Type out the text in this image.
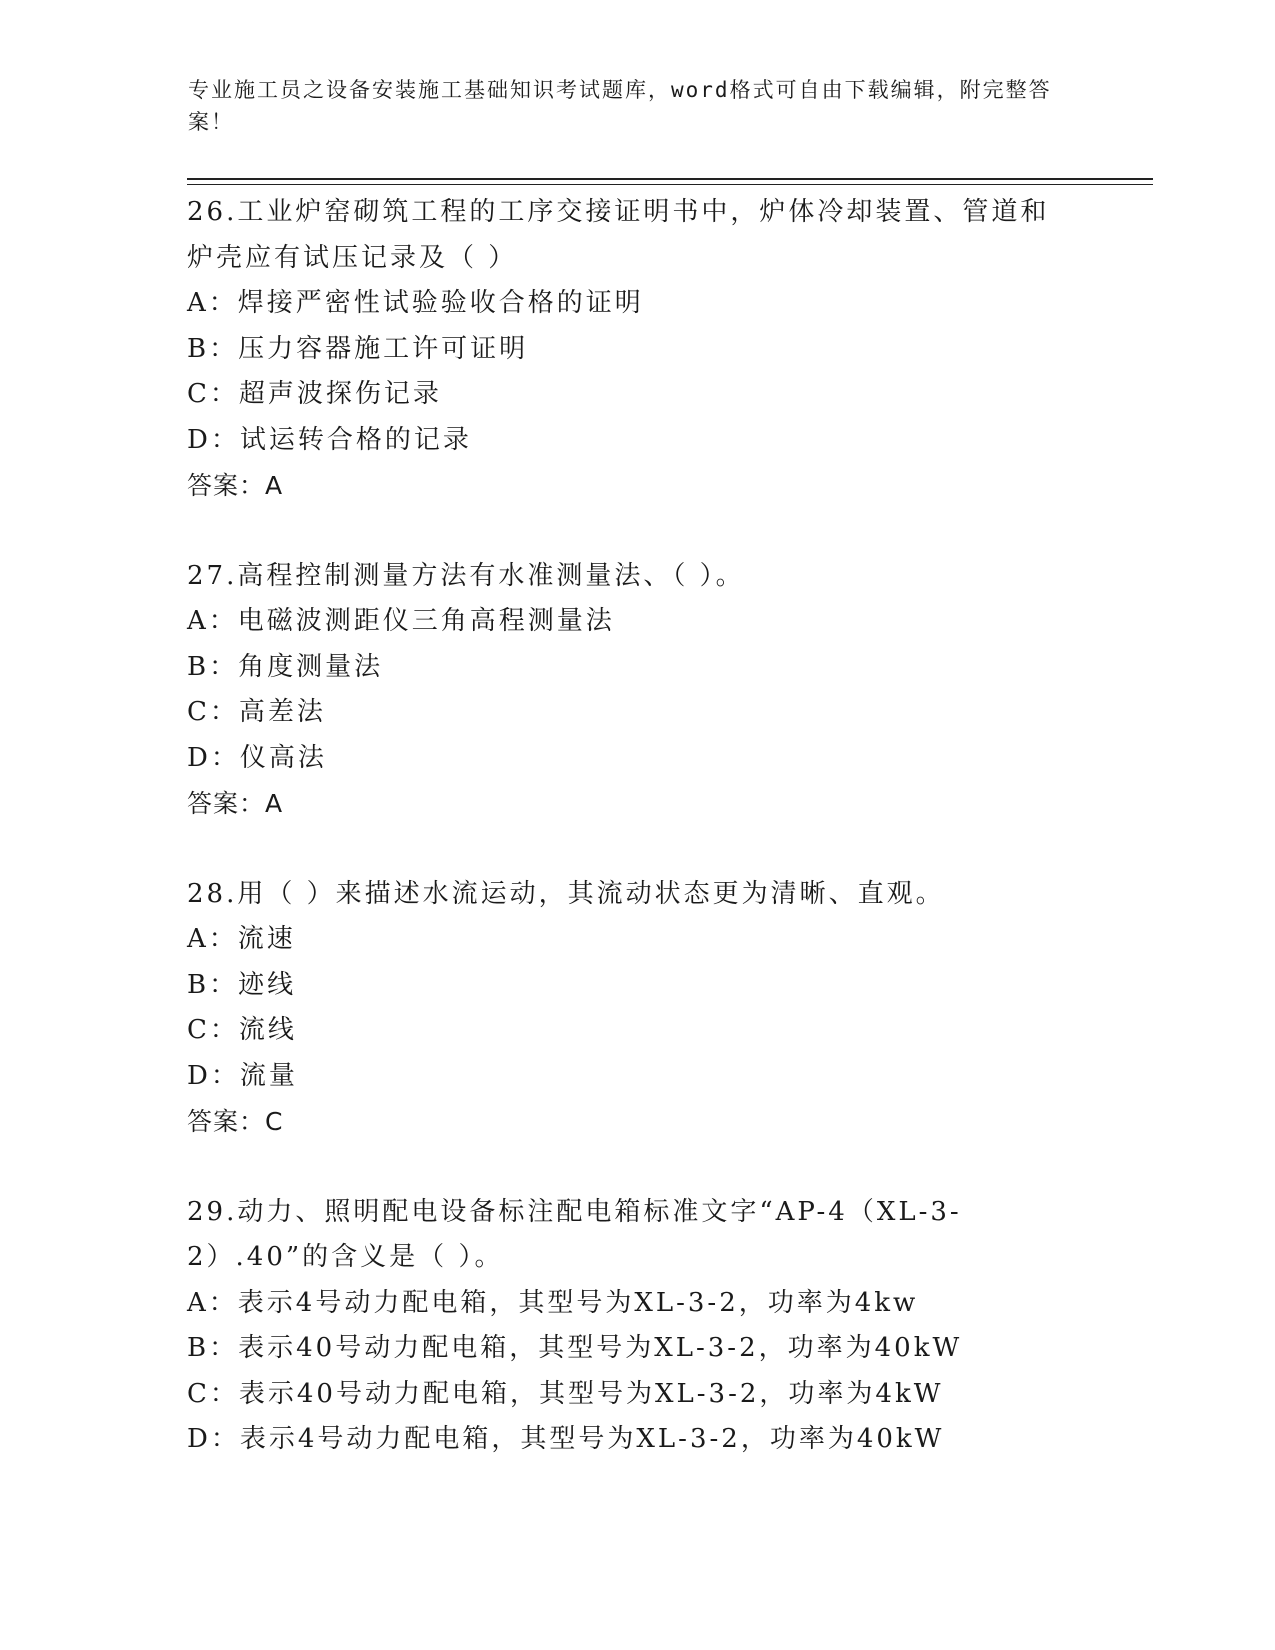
专业施工员之设备安装施工基础知识考试题库，word格式可自由下载编辑，附完整答案！
26.工业炉窑砌筑工程的工序交接证明书中，炉体冷却装置、管道和炉壳应有试压记录及（ ）
A：焊接严密性试验验收合格的证明
B：压力容器施工许可证明
C：超声波探伤记录
D：试运转合格的记录
答案：A
27.高程控制测量方法有水准测量法、（ ）。
A：电磁波测距仪三角高程测量法
B：角度测量法
C：高差法
D：仪高法
答案：A
28.用（ ）来描述水流运动，其流动状态更为清晰、直观。
A：流速
B：迹线
C：流线
D：流量
答案：C
29.动力、照明配电设备标注配电箱标准文字“AP-4（XL-3-2）.40”的含义是（ ）。
A：表示4号动力配电箱，其型号为XL-3-2，功率为4kw
B：表示40号动力配电箱，其型号为XL-3-2，功率为40kW
C：表示40号动力配电箱，其型号为XL-3-2，功率为4kW
D：表示4号动力配电箱，其型号为XL-3-2，功率为40kW
